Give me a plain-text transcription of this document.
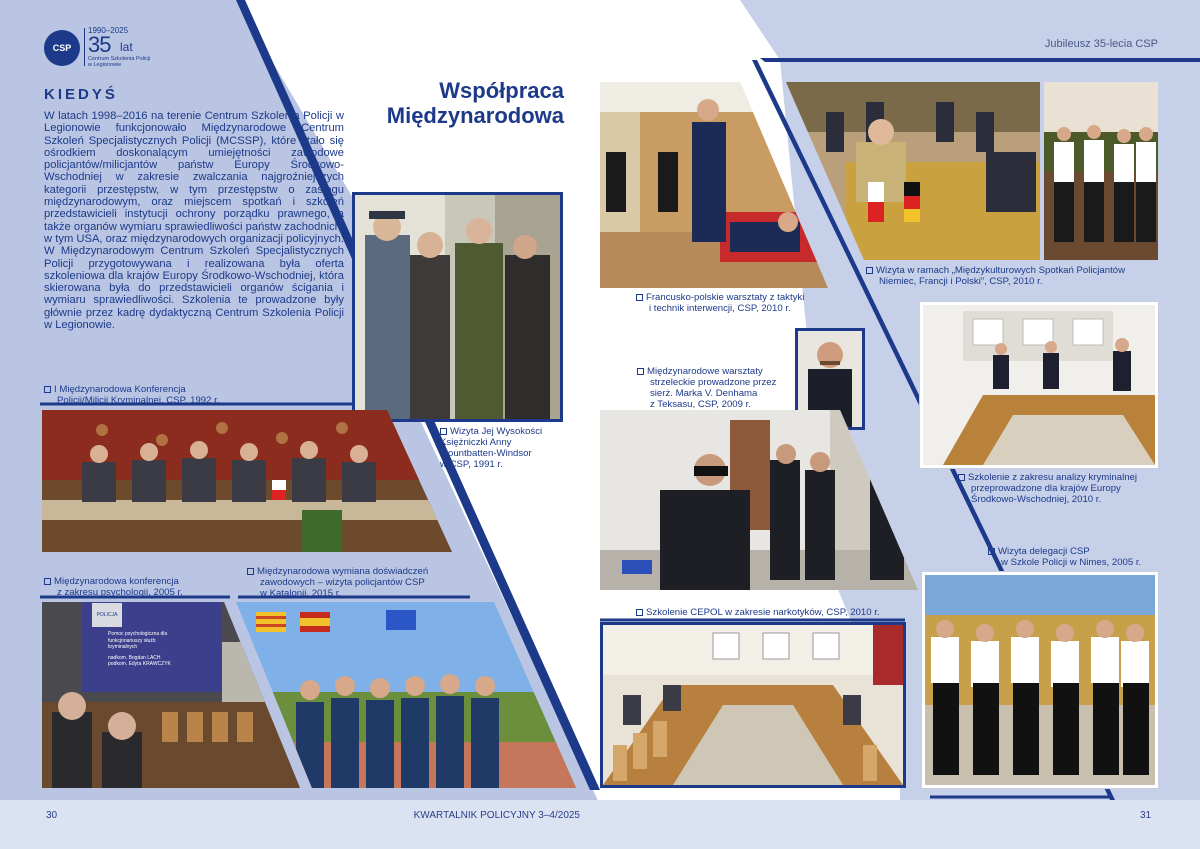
CSP
1990–2025
35 lat
Centrum Szkolenia Policji
w Legionowie
Jubileusz 35-lecia CSP
KIEDYŚ
W latach 1998–2016 na terenie Centrum Szkolenia Policji w Legionowie funkcjonowało Międzynarodowe Centrum Szkoleń Specjalistycznych Policji (MCSSP), które stało się ośrodkiem doskonalącym umiejętności zawodowe policjantów/milicjantów państw Europy Środkowo-Wschodniej w zakresie zwalczania najgroźniejszych kategorii przestępstw, w tym przestępstw o zasięgu międzynarodowym, oraz miejscem spotkań i szkoleń przedstawicieli instytucji ochrony porządku prawnego, a także organów wymiaru sprawiedliwości państw zachodnich, w tym USA, oraz międzynarodowych organizacji policyjnych. W Międzynarodowym Centrum Szkoleń Specjalistycznych Policji przygotowywana i realizowana była oferta szkoleniowa dla krajów Europy Środkowo-Wschodniej, która skierowana była do przedstawicieli organów ścigania i wymiaru sprawiedliwości. Szkolenia te prowadzone były głównie przez kadrę dydaktyczną Centrum Szkolenia Policji w Legionowie.
Współpraca
Międzynarodowa
Wizyta Jej Wysokości
Księżniczki Anny
Mountbatten-Windsor
w CSP, 1991 r.
I Międzynarodowa Konferencja
Policji/Milicji Kryminalnej, CSP, 1992 r.
Międzynarodowa konferencja
z zakresu psychologii, 2005 r.
POLICJA
Pomoc psychologiczna dla
funkcjonariuszy służb
kryminalnych
nadkom. Bogdan LACH
podkom. Edyta KRAWCZYK
Międzynarodowa wymiana doświadczeń
zawodowych – wizyta policjantów CSP
w Katalonii, 2015 r.
30	KWARTALNIK POLICYJNY 3–4/2025
Francusko-polskie warsztaty z taktyki
i technik interwencji, CSP, 2010 r.
Międzynarodowe warsztaty
strzeleckie prowadzone przez
sierż. Marka V. Denhama
z Teksasu, CSP, 2009 r.
Szkolenie CEPOL w zakresie narkotyków, CSP, 2010 r.
Wizyta w ramach „Międzykulturowych Spotkań Policjantów
Niemiec, Francji i Polski”, CSP, 2010 r.
Szkolenie z zakresu analizy kryminalnej
przeprowadzone dla krajów Europy
Środkowo-Wschodniej, 2010 r.
Wizyta delegacji CSP
w Szkole Policji w Nimes, 2005 r.
31
